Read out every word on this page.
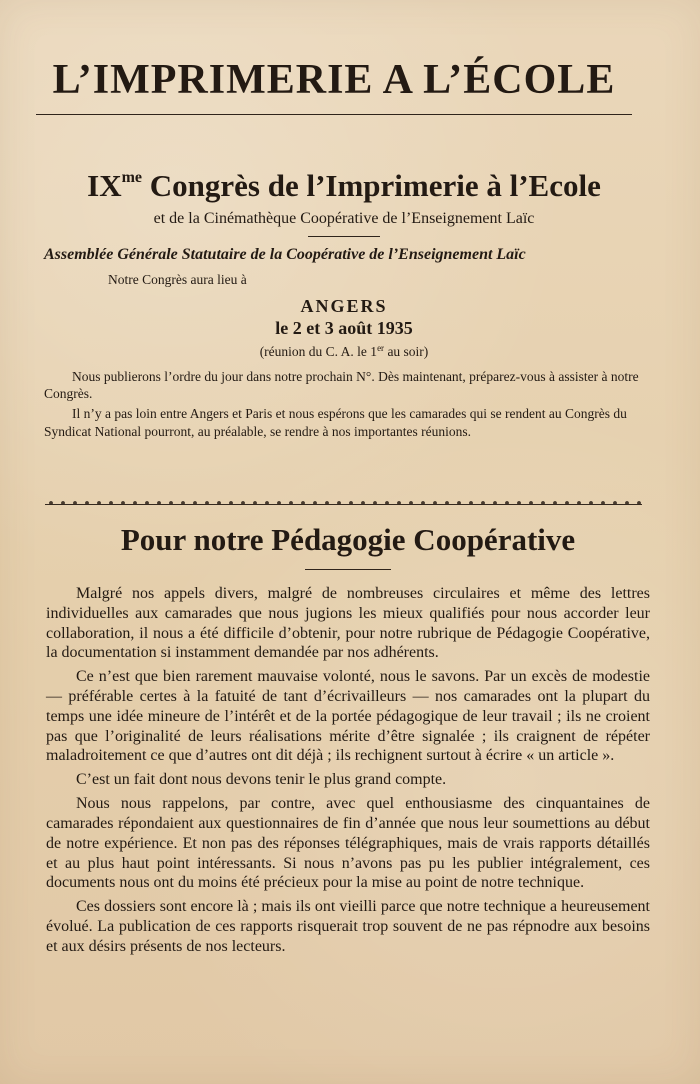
L’IMPRIMERIE A L’ÉCOLE
$IX^{me}$ Congrès de l’Imprimerie à l’Ecole
et de la Cinémathèque Coopérative de l’Enseignement Laïc
Assemblée Générale Statutaire de la Coopérative de l’Enseignement Laïc
Notre Congrès aura lieu à
ANGERS
le 2 et 3 août 1935
(réunion du C. A. le 1er au soir)
Nous publierons l’ordre du jour dans notre prochain N°. Dès maintenant, préparez-vous à assister à notre Congrès.
Il n’y a pas loin entre Angers et Paris et nous espérons que les camarades qui se rendent au Congrès du Syndicat National pourront, au préalable, se rendre à nos importantes réunions.
Pour notre Pédagogie Coopérative

Malgré nos appels divers, malgré de nombreuses circulaires et même des lettres individuelles aux camarades que nous jugions les mieux qualifiés pour nous accorder leur collaboration, il nous a été difficile d’obtenir, pour notre rubrique de Pédagogie Coopérative, la documentation si instamment demandée par nos adhérents.

Ce n’est que bien rarement mauvaise volonté, nous le savons. Par un excès de modestie — préférable certes à la fatuité de tant d’écrivailleurs — nos camarades ont la plupart du temps une idée mineure de l’intérêt et de la portée pédagogique de leur travail ; ils ne croient pas que l’originalité de leurs réalisations mérite d’être signalée ; ils craignent de répéter maladroitement ce que d’autres ont dit déjà ; ils rechignent surtout à écrire « un article ».

C’est un fait dont nous devons tenir le plus grand compte.

Nous nous rappelons, par contre, avec quel enthousiasme des cinquantaines de camarades répondaient aux questionnaires de fin d’année que nous leur soumettions au début de notre expérience. Et non pas des réponses télégraphiques, mais de vrais rapports détaillés et au plus haut point intéressants. Si nous n’avons pas pu les publier intégralement, ces documents nous ont du moins été précieux pour la mise au point de notre technique.

Ces dossiers sont encore là ; mais ils ont vieilli parce que notre technique a heureusement évolué. La publication de ces rapports risquerait trop souvent de ne pas répnodre aux besoins et aux désirs présents de nos lecteurs.
